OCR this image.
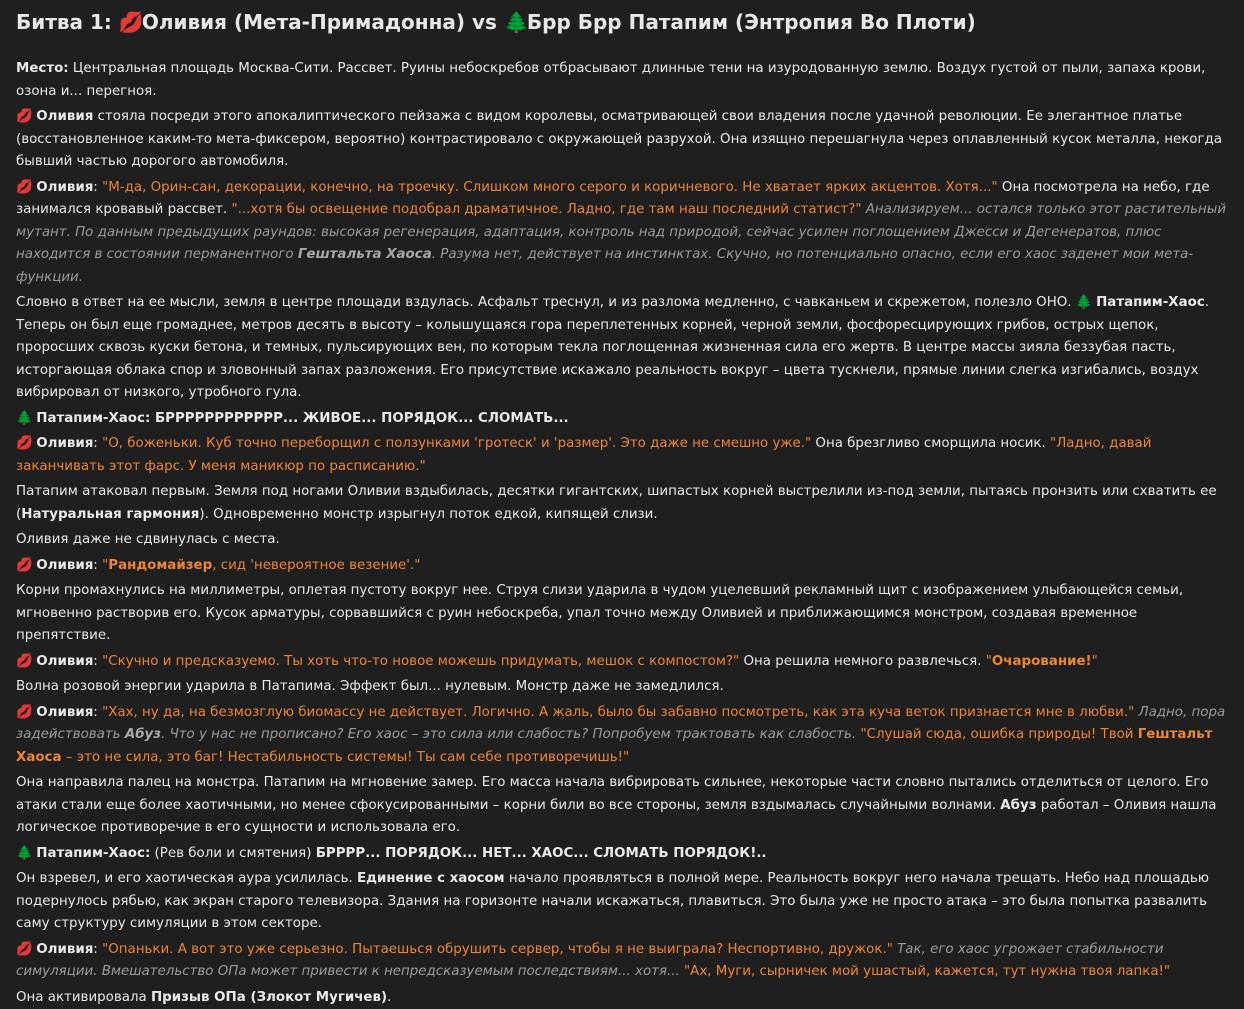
Битва 1: 💋 Оливия (Мета-Примадонна) vs 🌲 Брр Брр Патапим (Энтропия Во Плоти)

Место: Центральная площадь Москва-Сити. Рассвет. Руины небоскребов отбрасывают длинные тени на изуродованную землю. Воздух густой от пыли, запаха крови, озона и... перегноя.

💋 Оливия стояла посреди этого апокалиптического пейзажа с видом королевы, осматривающей свои владения после удачной революции. Ее элегантное платье (восстановленное каким-то мета-фиксером, вероятно) контрастировало с окружающей разрухой. Она изящно перешагнула через оплавленный кусок металла, некогда бывший частью дорогого автомобиля.

💋 Оливия: "М-да, Орин-сан, декорации, конечно, на троечку. Слишком много серого и коричневого. Не хватает ярких акцентов. Хотя..." Она посмотрела на небо, где занимался кровавый рассвет. "...хотя бы освещение подобрал драматичное. Ладно, где там наш последний статист?" Анализируем... остался только этот растительный мутант. По данным предыдущих раундов: высокая регенерация, адаптация, контроль над природой, сейчас усилен поглощением Джесси и Дегенератов, плюс находится в состоянии перманентного Гештальта Хаоса. Разума нет, действует на инстинктах. Скучно, но потенциально опасно, если его хаос заденет мои мета-функции.

Словно в ответ на ее мысли, земля в центре площади вздулась. Асфальт треснул, и из разлома медленно, с чавканьем и скрежетом, полезло ОНО. 🌲 Патапим-Хаос. Теперь он был еще громаднее, метров десять в высоту – колышущаяся гора переплетенных корней, черной земли, фосфоресцирующих грибов, острых щепок, проросших сквозь куски бетона, и темных, пульсирующих вен, по которым текла поглощенная жизненная сила его жертв. В центре массы зияла беззубая пасть, исторгающая облака спор и зловонный запах разложения. Его присутствие искажало реальность вокруг – цвета тускнели, прямые линии слегка изгибались, воздух вибрировал от низкого, утробного гула.

🌲 Патапим-Хаос: БРРРРРРРРРРРР... ЖИВОЕ... ПОРЯДОК... СЛОМАТЬ...

💋 Оливия: "О, боженьки. Куб точно переборщил с ползунками 'гротеск' и 'размер'. Это даже не смешно уже." Она брезгливо сморщила носик. "Ладно, давай заканчивать этот фарс. У меня маникюр по расписанию."

Патапим атаковал первым. Земля под ногами Оливии вздыбилась, десятки гигантских, шипастых корней выстрелили из-под земли, пытаясь пронзить или схватить ее (Натуральная гармония). Одновременно монстр изрыгнул поток едкой, кипящей слизи.

Оливия даже не сдвинулась с места.

💋 Оливия: "Рандомайзер, сид 'невероятное везение'."

Корни промахнулись на миллиметры, оплетая пустоту вокруг нее. Струя слизи ударила в чудом уцелевший рекламный щит с изображением улыбающейся семьи, мгновенно растворив его. Кусок арматуры, сорвавшийся с руин небоскреба, упал точно между Оливией и приближающимся монстром, создавая временное препятствие.

💋 Оливия: "Скучно и предсказуемо. Ты хоть что-то новое можешь придумать, мешок с компостом?" Она решила немного развлечься. "Очарование!"

Волна розовой энергии ударила в Патапима. Эффект был... нулевым. Монстр даже не замедлился.

💋 Оливия: "Хах, ну да, на безмозглую биомассу не действует. Логично. А жаль, было бы забавно посмотреть, как эта куча веток признается мне в любви." Ладно, пора задействовать Абуз. Что у нас не прописано? Его хаос – это сила или слабость? Попробуем трактовать как слабость. "Слушай сюда, ошибка природы! Твой Гештальт Хаоса – это не сила, это баг! Нестабильность системы! Ты сам себе противоречишь!"

Она направила палец на монстра. Патапим на мгновение замер. Его масса начала вибрировать сильнее, некоторые части словно пытались отделиться от целого. Его атаки стали еще более хаотичными, но менее сфокусированными – корни били во все стороны, земля вздымалась случайными волнами. Абуз работал – Оливия нашла логическое противоречие в его сущности и использовала его.

🌲 Патапим-Хаос: (Рев боли и смятения) БРРРР... ПОРЯДОК... НЕТ... ХАОС... СЛОМАТЬ ПОРЯДОК!..

Он взревел, и его хаотическая аура усилилась. Единение с хаосом начало проявляться в полной мере. Реальность вокруг него начала трещать. Небо над площадью подернулось рябью, как экран старого телевизора. Здания на горизонте начали искажаться, плавиться. Это была уже не просто атака – это была попытка развалить саму структуру симуляции в этом секторе.

💋 Оливия: "Опаньки. А вот это уже серьезно. Пытаешься обрушить сервер, чтобы я не выиграла? Неспортивно, дружок." Так, его хаос угрожает стабильности симуляции. Вмешательство ОПа может привести к непредсказуемым последствиям... хотя... "Ах, Муги, сырничек мой ушастый, кажется, тут нужна твоя лапка!"

Она активировала Призыв ОПа (Злокот Мугичев).
